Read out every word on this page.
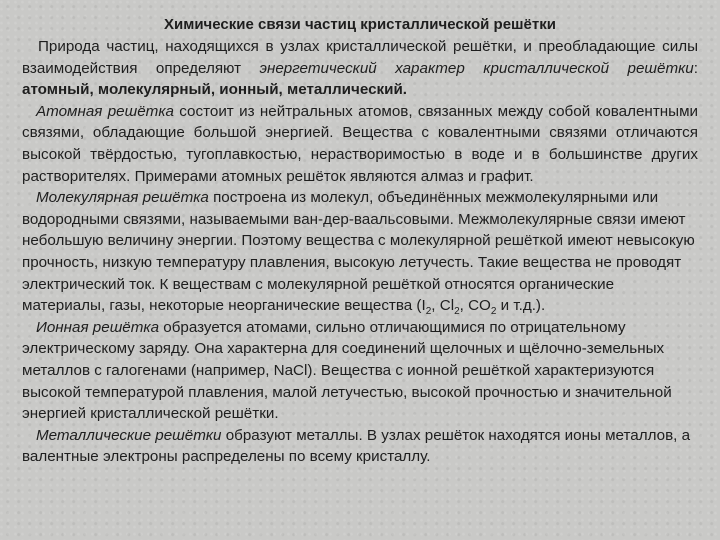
Химические связи частиц кристаллической решётки

Природа частиц, находящихся в узлах кристаллической решётки, и преобладающие силы взаимодействия определяют энергетический характер кристаллической решётки: атомный, молекулярный, ионный, металлический.

Атомная решётка состоит из нейтральных атомов, связанных между собой ковалентными связями, обладающие большой энергией. Вещества с ковалентными связями отличаются высокой твёрдостью, тугоплавкостью, нерастворимостью в воде и в большинстве других растворителях. Примерами атомных решёток являются алмаз и графит.

Молекулярная решётка построена из молекул, объединённых межмолекулярными или водородными связями, называемыми ван-дер-ваальсовыми. Межмолекулярные связи имеют небольшую величину энергии. Поэтому вещества с молекулярной решёткой имеют невысокую прочность, низкую температуру плавления, высокую летучесть. Такие вещества не проводят электрический ток. К веществам с молекулярной решёткой относятся органические материалы, газы, некоторые неорганические вещества ($I_2$, $Cl_2$, $CO_2$ и т.д.).

Ионная решётка образуется атомами, сильно отличающимися по отрицательному электрическому заряду. Она характерна для соединений щелочных и щёлочно-земельных металлов с галогенами (например, NaCl). Вещества с ионной решёткой характеризуются высокой температурой плавления, малой летучестью, высокой прочностью и значительной энергией кристаллической решётки.

Металлические решётки образуют металлы. В узлах решёток находятся ионы металлов, а валентные электроны распределены по всему кристаллу.
